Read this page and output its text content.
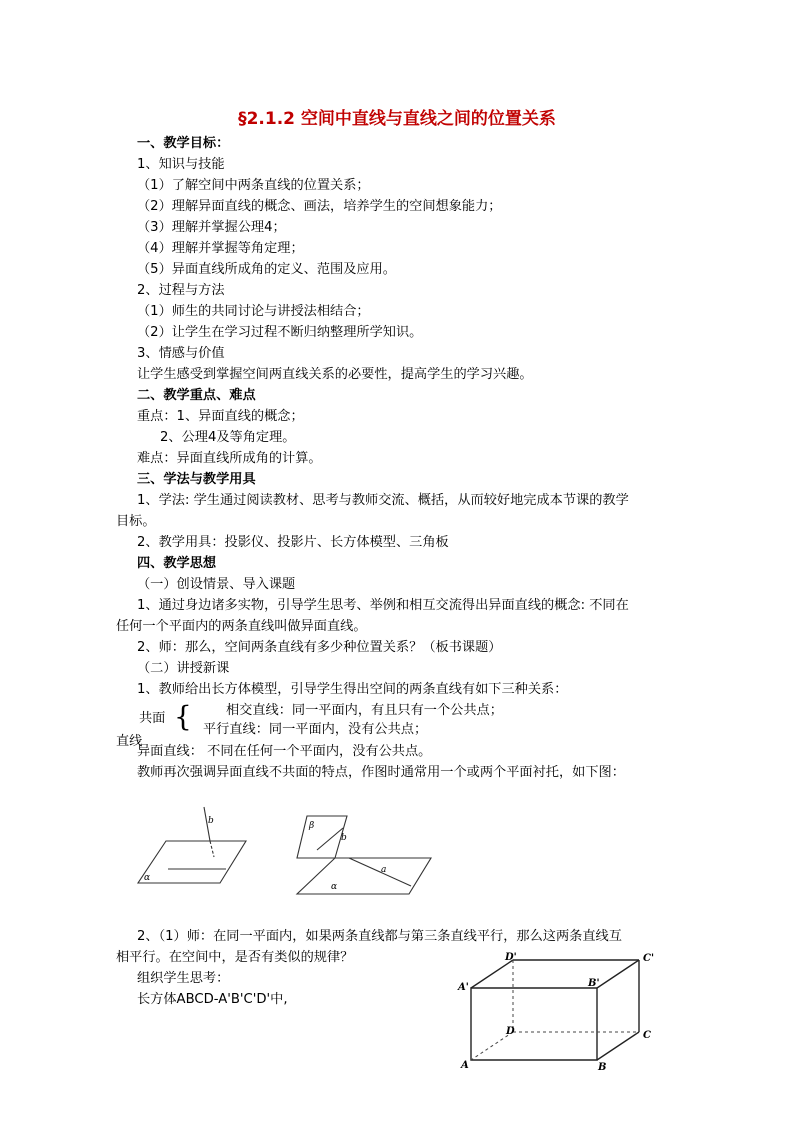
§2.1.2 空间中直线与直线之间的位置关系
一、教学目标：
1、知识与技能
（1）了解空间中两条直线的位置关系；
（2）理解异面直线的概念、画法，培养学生的空间想象能力；
（3）理解并掌握公理4；
（4）理解并掌握等角定理；
（5）异面直线所成角的定义、范围及应用。
2、过程与方法
（1）师生的共同讨论与讲授法相结合；
（2）让学生在学习过程不断归纳整理所学知识。
3、情感与价值
让学生感受到掌握空间两直线关系的必要性，提高学生的学习兴趣。
二、教学重点、难点
重点：1、异面直线的概念；
2、公理4及等角定理。
难点：异面直线所成角的计算。
三、学法与教学用具
1、学法: 学生通过阅读教材、思考与教师交流、概括，从而较好地完成本节课的教学
目标。
2、教学用具：投影仪、投影片、长方体模型、三角板
四、教学思想
（一）创设情景、导入课题
1、通过身边诸多实物，引导学生思考、举例和相互交流得出异面直线的概念: 不同在
任何一个平面内的两条直线叫做异面直线。
2、师：那么，空间两条直线有多少种位置关系？（板书课题）
（二）讲授新课
1、教师给出长方体模型，引导学生得出空间的两条直线有如下三种关系：
共面 {	相交直线：同一平面内，有且只有一个公共点；
平行直线：同一平面内，没有公共点；
直线
异面直线： 不同在任何一个平面内，没有公共点。
教师再次强调异面直线不共面的特点，作图时通常用一个或两个平面衬托，如下图：
b
α
β
b
a
α
2、（1）师：在同一平面内，如果两条直线都与第三条直线平行，那么这两条直线互
相平行。在空间中，是否有类似的规律？
组织学生思考：
长方体ABCD-A'B'C'D'中,
D'	C'
A'	B'
D	C
A	B
